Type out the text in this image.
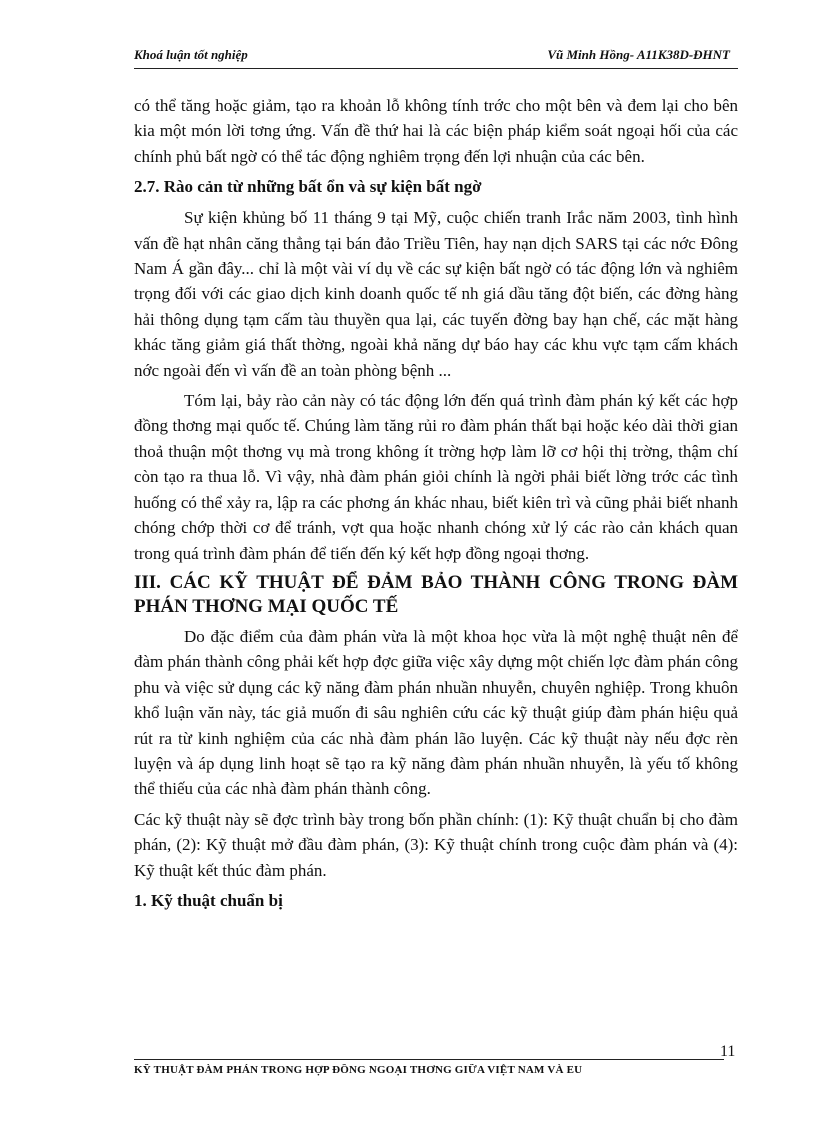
Khoá luận tốt nghiệp	Vũ Minh Hồng- A11K38D-ĐHNT

có thể tăng hoặc giảm, tạo ra khoản lỗ không tính trớc cho một bên và đem lại cho bên kia một món lời tơng ứng. Vấn đề thứ hai là các biện pháp kiểm soát ngoại hối của các chính phủ bất ngờ có thể tác động nghiêm trọng đến lợi nhuận của các bên.

2.7. Rào cản từ những bất ổn và sự kiện bất ngờ

Sự kiện khủng bố 11 tháng 9 tại Mỹ, cuộc chiến tranh Irắc năm 2003, tình hình vấn đề hạt nhân căng thẳng tại bán đảo Triều Tiên, hay nạn dịch SARS tại các nớc Đông Nam Á gần đây... chỉ là một vài ví dụ về các sự kiện bất ngờ có tác động lớn và nghiêm trọng đối với các giao dịch kinh doanh quốc tế nh giá dầu tăng đột biến, các đờng hàng hải thông dụng tạm cấm tàu thuyền qua lại, các tuyến đờng bay hạn chế, các mặt hàng khác tăng giảm giá thất thờng, ngoài khả năng dự báo hay các khu vực tạm cấm khách nớc ngoài đến vì vấn đề an toàn phòng bệnh ...

Tóm lại, bảy rào cản này có tác động lớn đến quá trình đàm phán ký kết các hợp đồng thơng mại quốc tế. Chúng làm tăng rủi ro đàm phán thất bại hoặc kéo dài thời gian thoả thuận một thơng vụ mà trong không ít trờng hợp làm lỡ cơ hội thị trờng, thậm chí còn tạo ra thua lỗ. Vì vậy, nhà đàm phán giỏi chính là ngời phải biết lờng trớc các tình huống có thể xảy ra, lập ra các phơng án khác nhau, biết kiên trì và cũng phải biết nhanh chóng chớp thời cơ để tránh, vợt qua hoặc nhanh chóng xử lý các rào cản khách quan trong quá trình đàm phán để tiến đến ký kết hợp đồng ngoại thơng.

III. CÁC KỸ THUẬT ĐỂ ĐẢM BẢO THÀNH CÔNG TRONG ĐÀM PHÁN THƠNG MẠI QUỐC TẾ

Do đặc điểm của đàm phán vừa là một khoa học vừa là một nghệ thuật nên để đàm phán thành công phải kết hợp đợc giữa việc xây dựng một chiến lợc đàm phán công phu và việc sử dụng các kỹ năng đàm phán nhuần nhuyễn, chuyên nghiệp. Trong khuôn khổ luận văn này, tác giả muốn đi sâu nghiên cứu các kỹ thuật giúp đàm phán hiệu quả rút ra từ kinh nghiệm của các nhà đàm phán lão luyện. Các kỹ thuật này nếu đợc rèn luyện và áp dụng linh hoạt sẽ tạo ra kỹ năng đàm phán nhuần nhuyễn, là yếu tố không thể thiếu của các nhà đàm phán thành công.

Các kỹ thuật này sẽ đợc trình bày trong bốn phần chính: (1): Kỹ thuật chuẩn bị cho đàm phán, (2): Kỹ thuật mở đầu đàm phán, (3): Kỹ thuật chính trong cuộc đàm phán và (4): Kỹ thuật kết thúc đàm phán.

1. Kỹ thuật chuẩn bị
11
KỸ THUẬT ĐÀM PHÁN TRONG HỢP ĐỒNG NGOẠI THƠNG GIỮA VIỆT NAM VÀ EU
